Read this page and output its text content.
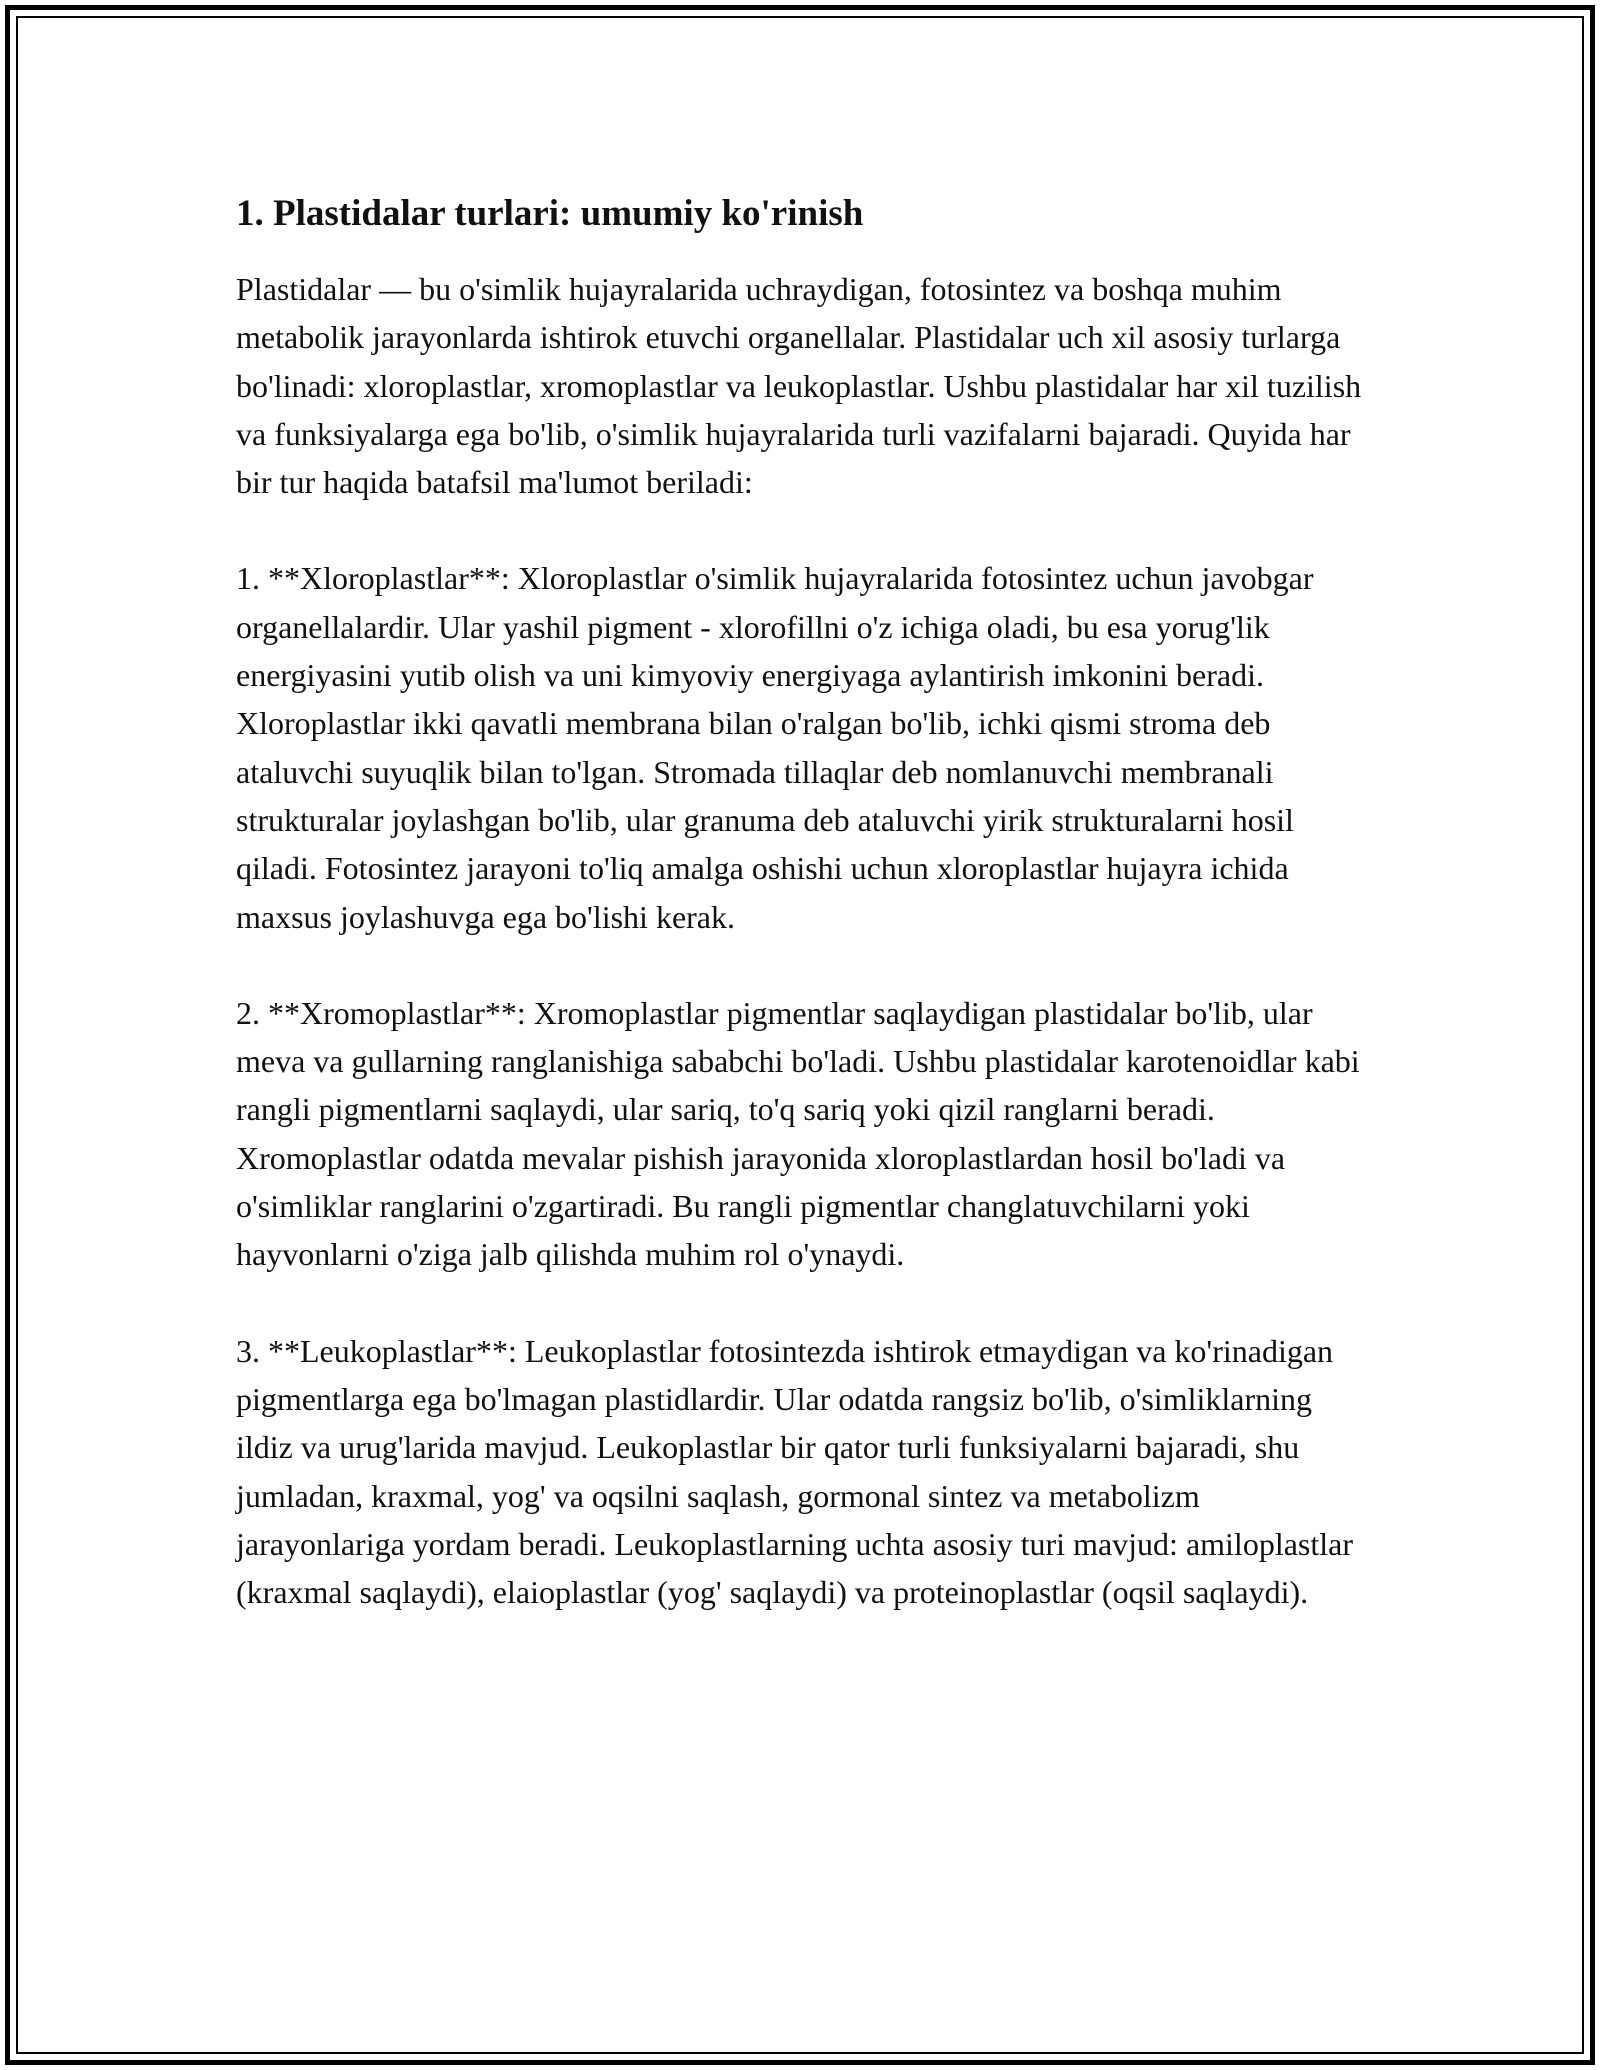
1. Plastidalar turlari: umumiy ko'rinish

Plastidalar — bu o'simlik hujayralarida uchraydigan, fotosintez va boshqa muhim metabolik jarayonlarda ishtirok etuvchi organellalar. Plastidalar uch xil asosiy turlarga bo'linadi: xloroplastlar, xromoplastlar va leukoplastlar. Ushbu plastidalar har xil tuzilish va funksiyalarga ega bo'lib, o'simlik hujayralarida turli vazifalarni bajaradi. Quyida har bir tur haqida batafsil ma'lumot beriladi:

1. **Xloroplastlar**: Xloroplastlar o'simlik hujayralarida fotosintez uchun javobgar organellalardir. Ular yashil pigment - xlorofillni o'z ichiga oladi, bu esa yorug'lik energiyasini yutib olish va uni kimyoviy energiyaga aylantirish imkonini beradi. Xloroplastlar ikki qavatli membrana bilan o'ralgan bo'lib, ichki qismi stroma deb ataluvchi suyuqlik bilan to'lgan. Stromada tillaqlar deb nomlanuvchi membranali strukturalar joylashgan bo'lib, ular granuma deb ataluvchi yirik strukturalarni hosil qiladi. Fotosintez jarayoni to'liq amalga oshishi uchun xloroplastlar hujayra ichida maxsus joylashuvga ega bo'lishi kerak.

2. **Xromoplastlar**: Xromoplastlar pigmentlar saqlaydigan plastidalar bo'lib, ular meva va gullarning ranglanishiga sababchi bo'ladi. Ushbu plastidalar karotenoidlar kabi rangli pigmentlarni saqlaydi, ular sariq, to'q sariq yoki qizil ranglarni beradi. Xromoplastlar odatda mevalar pishish jarayonida xloroplastlardan hosil bo'ladi va o'simliklar ranglarini o'zgartiradi. Bu rangli pigmentlar changlatuvchilarni yoki hayvonlarni o'ziga jalb qilishda muhim rol o'ynaydi.

3. **Leukoplastlar**: Leukoplastlar fotosintezda ishtirok etmaydigan va ko'rinadigan pigmentlarga ega bo'lmagan plastidlardir. Ular odatda rangsiz bo'lib, o'simliklarning ildiz va urug'larida mavjud. Leukoplastlar bir qator turli funksiyalarni bajaradi, shu jumladan, kraxmal, yog' va oqsilni saqlash, gormonal sintez va metabolizm jarayonlariga yordam beradi. Leukoplastlarning uchta asosiy turi mavjud: amiloplastlar (kraxmal saqlaydi), elaioplastlar (yog' saqlaydi) va proteinoplastlar (oqsil saqlaydi).
